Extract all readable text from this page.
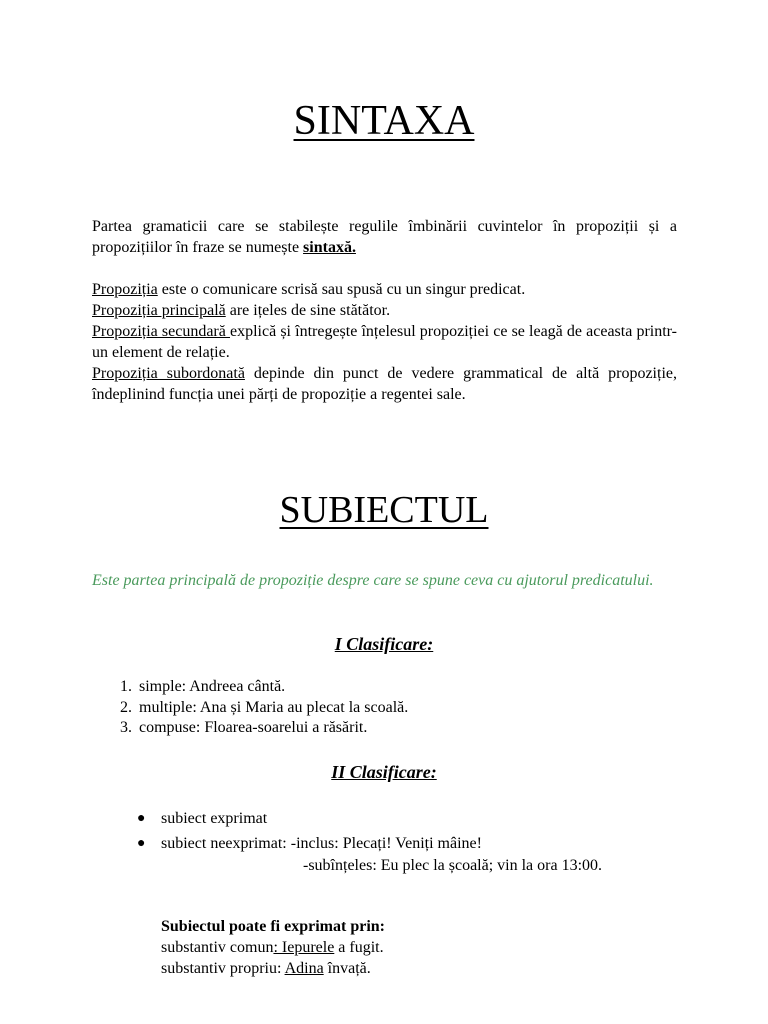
SINTAXA
Partea gramaticii care se stabilește regulile îmbinării cuvintelor în propoziții și a propozițiilor în fraze se numește sintaxă.
Propoziția este o comunicare scrisă sau spusă cu un singur predicat.
Propoziția principală are ițeles de sine stătător.
Propoziția secundară explică și întregește înțelesul propoziției ce se leagă de aceasta printr-un element de relație.
Propoziția subordonată depinde din punct de vedere grammatical de altă propoziție, îndeplinind funcția unei părți de propoziție a regentei sale.
SUBIECTUL
Este partea principală de propoziție despre care se spune ceva cu ajutorul predicatului.
I Clasificare:
1. simple: Andreea cântă.
2. multiple: Ana și Maria au plecat la scoală.
3. compuse: Floarea-soarelui a răsărit.
II Clasificare:
● subiect exprimat
● subiect neexprimat: -inclus: Plecați! Veniți mâine!
-subînțeles: Eu plec la școală; vin la ora 13:00.
Subiectul poate fi exprimat prin:
substantiv comun: Iepurele a fugit.
substantiv propriu: Adina învață.
